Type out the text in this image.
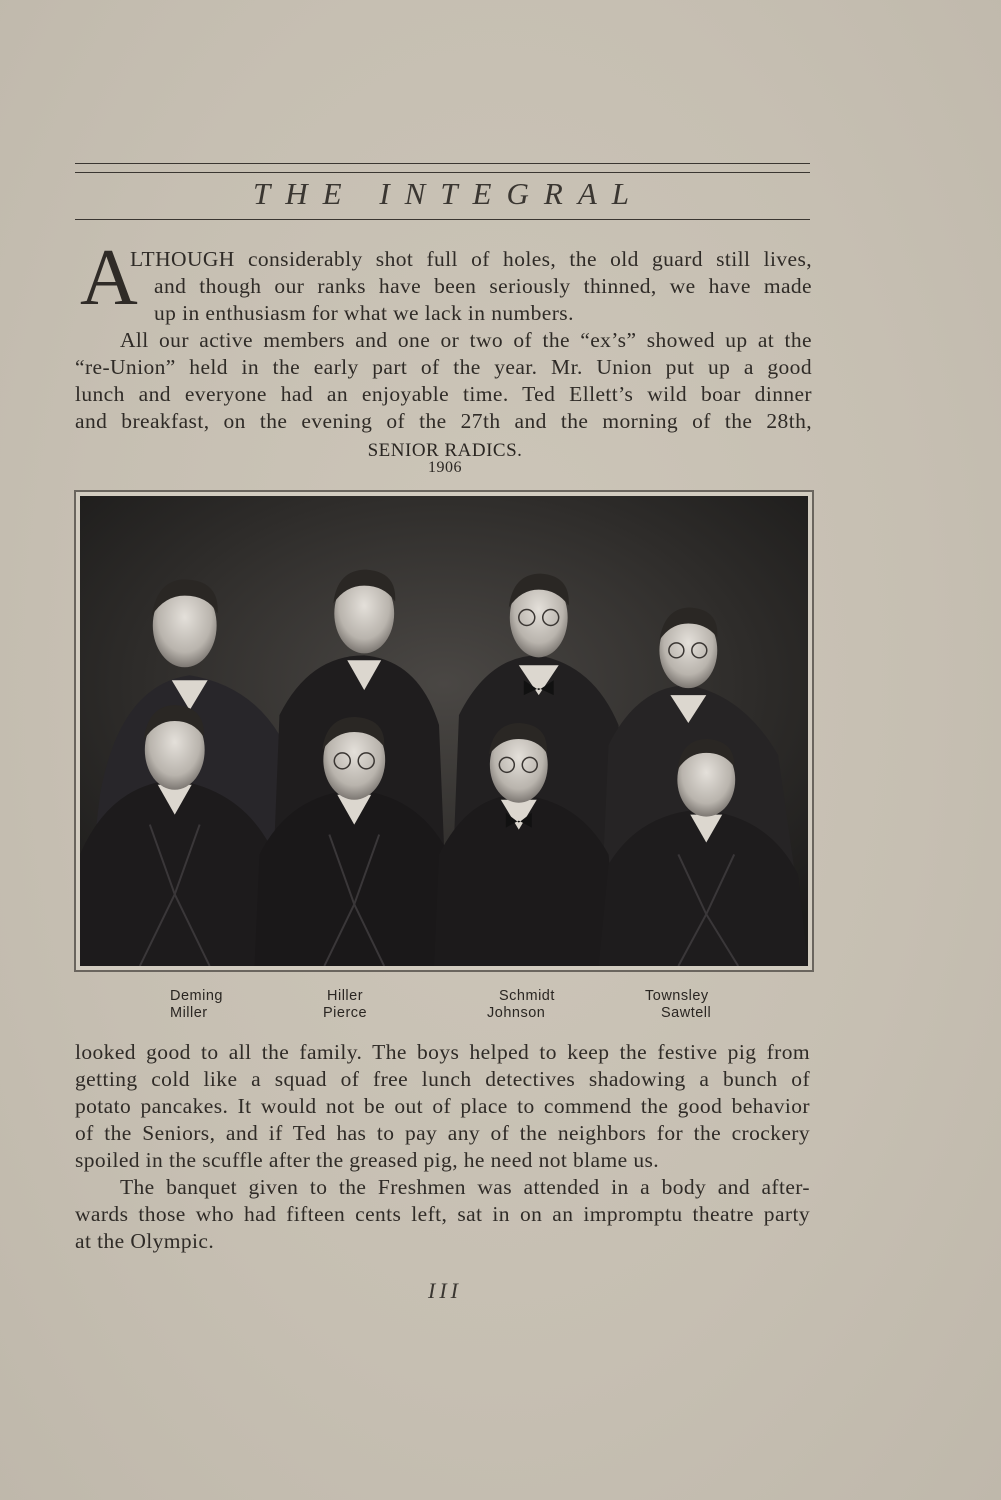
THE INTEGRAL
A
LTHOUGH considerably shot full of holes, the old guard still lives,
and though our ranks have been seriously thinned, we have made
up in enthusiasm for what we lack in numbers.
All our active members and one or two of the “ex’s” showed up at the
“re-Union” held in the early part of the year. Mr. Union put up a good
lunch and everyone had an enjoyable time. Ted Ellett’s wild boar dinner
and breakfast, on the evening of the 27th and the morning of the 28th,
SENIOR RADICS.
1906
Deming	Hiller	Schmidt	Townsley
Miller	Pierce	Johnson	Sawtell
looked good to all the family. The boys helped to keep the festive pig from
getting cold like a squad of free lunch detectives shadowing a bunch of
potato pancakes. It would not be out of place to commend the good behavior
of the Seniors, and if Ted has to pay any of the neighbors for the crockery
spoiled in the scuffle after the greased pig, he need not blame us.
The banquet given to the Freshmen was attended in a body and after-
wards those who had fifteen cents left, sat in on an impromptu theatre party
at the Olympic.
III
